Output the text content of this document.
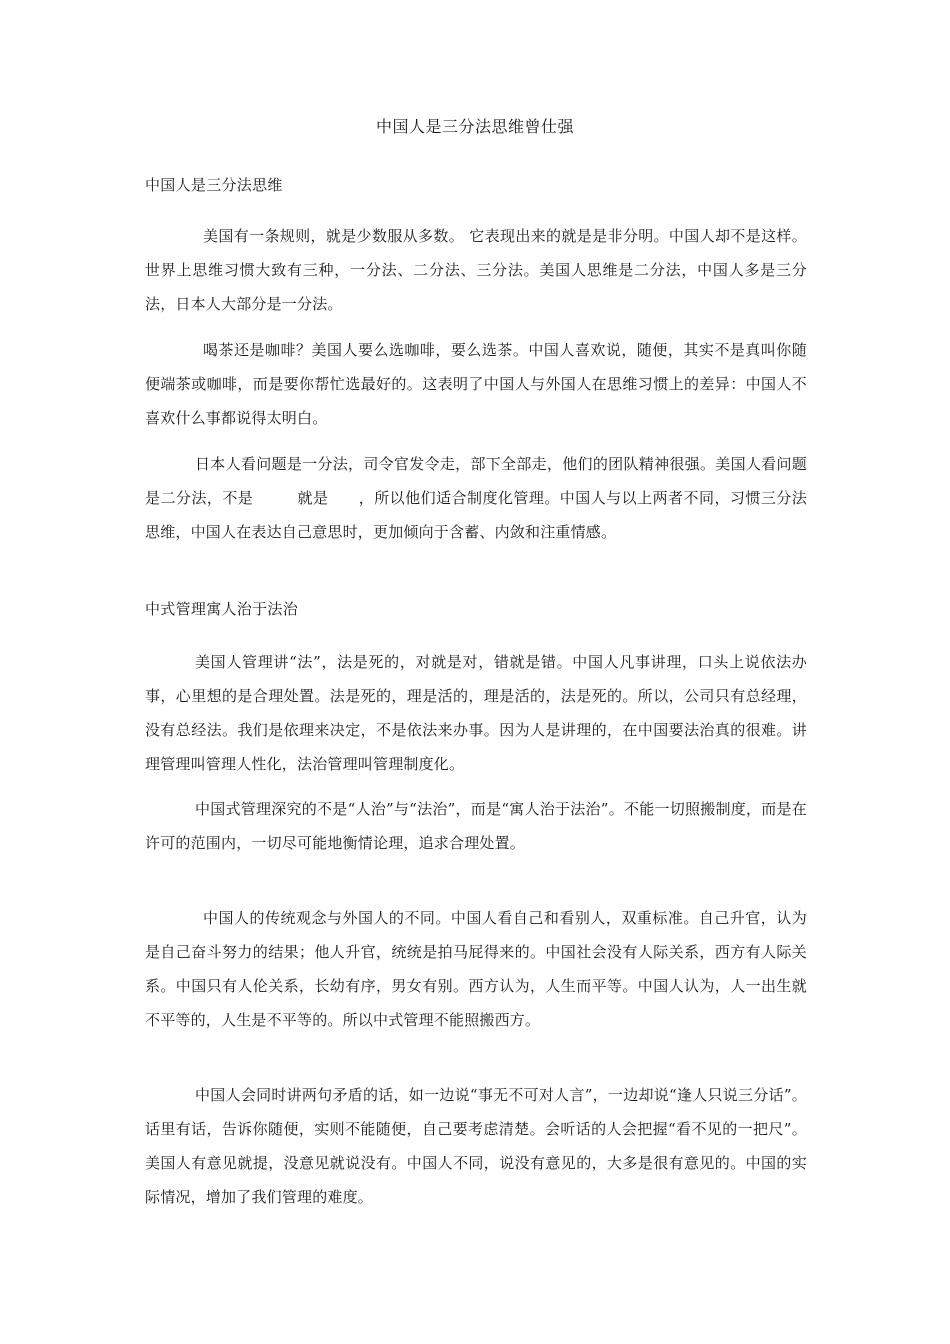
中国人是三分法思维曾仕强
中国人是三分法思维

美国有一条规则，就是少数服从多数。 它表现出来的就是是非分明。中国人却不是这样。世界上思维习惯大致有三种，一分法、二分法、三分法。美国人思维是二分法，中国人多是三分法，日本人大部分是一分法。

喝茶还是咖啡？美国人要么选咖啡，要么选茶。中国人喜欢说，随便，其实不是真叫你随便端茶或咖啡，而是要你帮忙选最好的。这表明了中国人与外国人在思维习惯上的差异：中国人不喜欢什么事都说得太明白。

日本人看问题是一分法，司令官发令走，部下全部走，他们的团队精神很强。美国人看问题是二分法，不是	就是 ，所以他们适合制度化管理。中国人与以上两者不同，习惯三分法思维，中国人在表达自己意思时，更加倾向于含蓄、内敛和注重情感。

中式管理寓人治于法治

美国人管理讲“法”，法是死的，对就是对，错就是错。中国人凡事讲理，口头上说依法办事，心里想的是合理处置。法是死的，理是活的，理是活的，法是死的。所以，公司只有总经理，没有总经法。我们是依理来决定，不是依法来办事。因为人是讲理的，在中国要法治真的很难。讲理管理叫管理人性化，法治管理叫管理制度化。

中国式管理深究的不是“人治”与“法治”，而是“寓人治于法治”。不能一切照搬制度，而是在许可的范围内，一切尽可能地衡情论理，追求合理处置。

中国人的传统观念与外国人的不同。中国人看自己和看别人，双重标准。自己升官，认为是自己奋斗努力的结果；他人升官，统统是拍马屁得来的。中国社会没有人际关系，西方有人际关系。中国只有人伦关系，长幼有序，男女有别。西方认为，人生而平等。中国人认为，人一出生就不平等的，人生是不平等的。所以中式管理不能照搬西方。

中国人会同时讲两句矛盾的话，如一边说“事无不可对人言”，一边却说“逢人只说三分话”。话里有话，告诉你随便，实则不能随便，自己要考虑清楚。会听话的人会把握“看不见的一把尺”。美国人有意见就提，没意见就说没有。中国人不同，说没有意见的，大多是很有意见的。中国的实际情况，增加了我们管理的难度。
